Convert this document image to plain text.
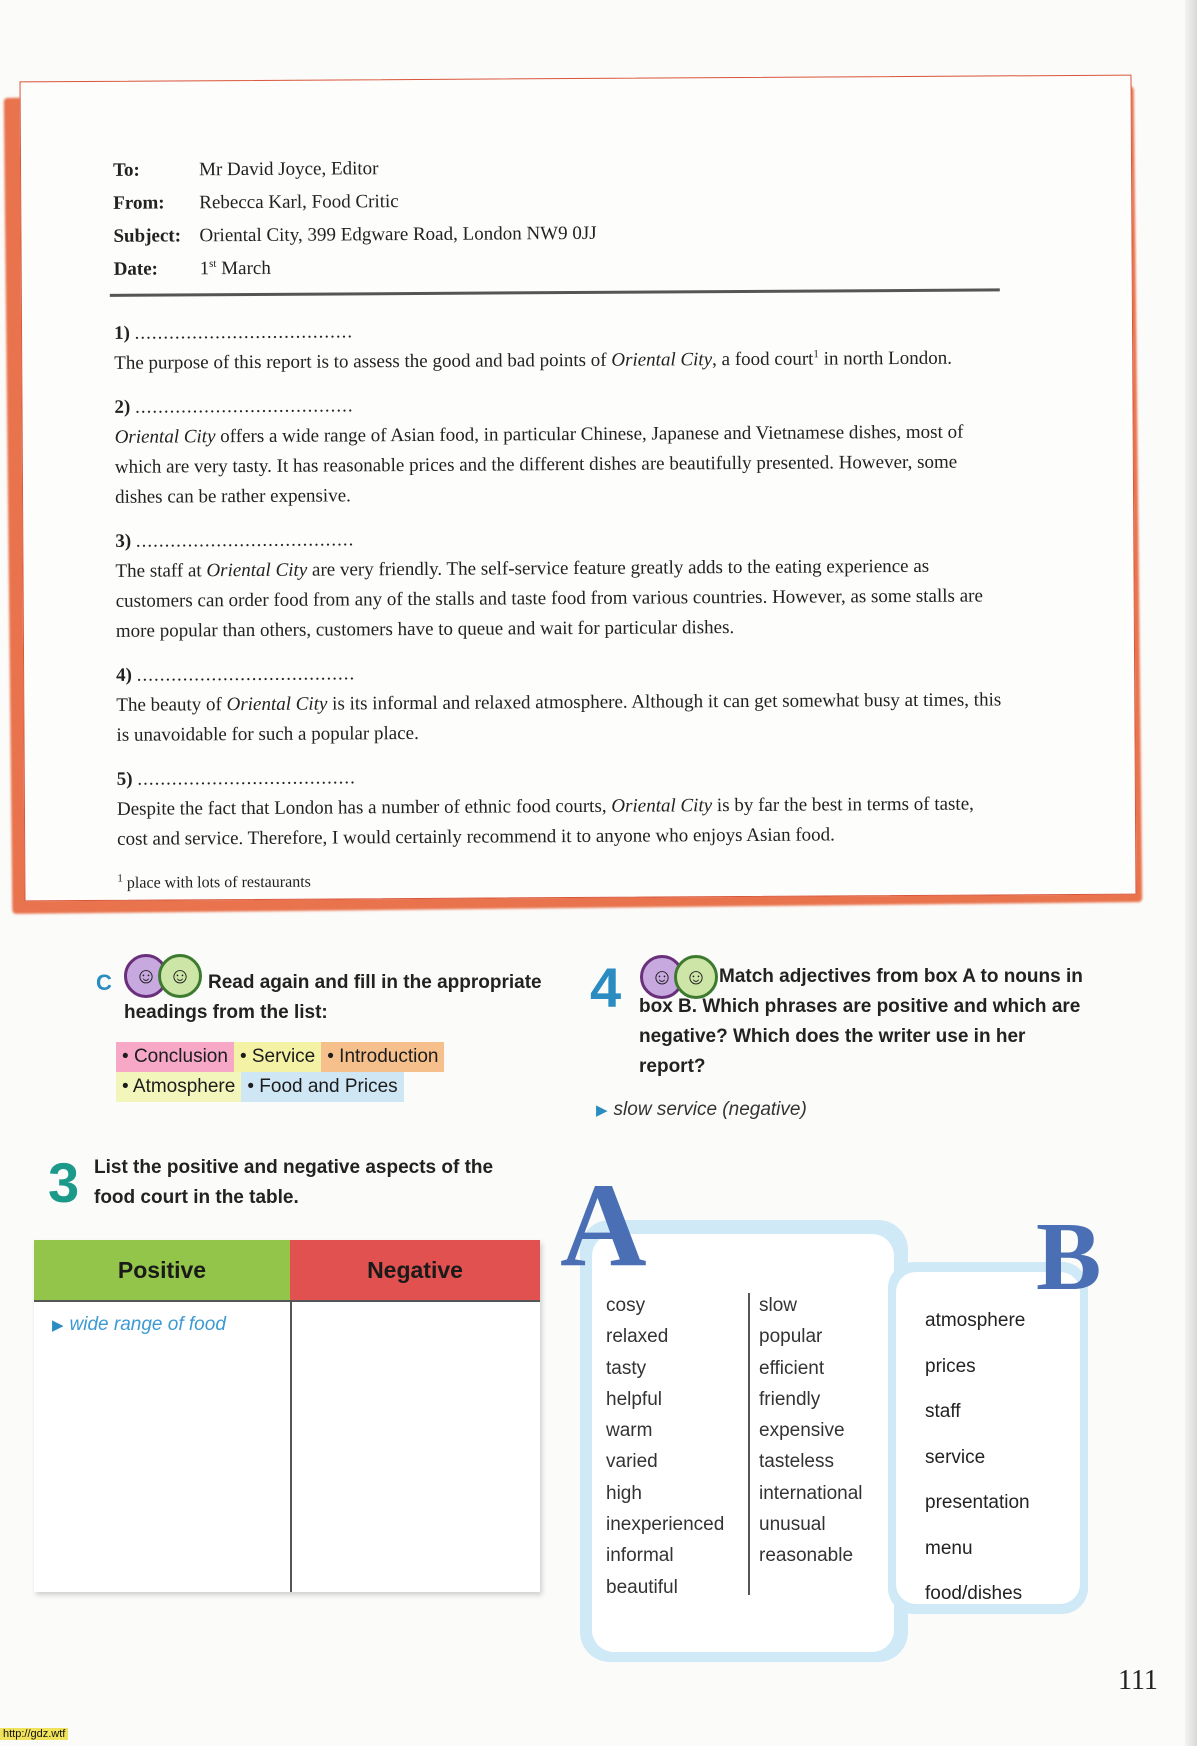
To:	Mr David Joyce, Editor
From:	Rebecca Karl, Food Critic
Subject: Oriental City, 399 Edgware Road, London NW9 0JJ
Date:	1st March
1) ......................................

The purpose of this report is to assess the good and bad points of Oriental City, a food court$^1$ in north London.

2) ......................................

Oriental City offers a wide range of Asian food, in particular Chinese, Japanese and Vietnamese dishes, most of which are very tasty. It has reasonable prices and the different dishes are beautifully presented. However, some dishes can be rather expensive.

3) ......................................

The staff at Oriental City are very friendly. The self-service feature greatly adds to the eating experience as customers can order food from any of the stalls and taste food from various countries. However, as some stalls are more popular than others, customers have to queue and wait for particular dishes.

4) ......................................

The beauty of Oriental City is its informal and relaxed atmosphere. Although it can get somewhat busy at times, this is unavoidable for such a popular place.

5) ......................................

Despite the fact that London has a number of ethnic food courts, Oriental City is by far the best in terms of taste, cost and service. Therefore, I would certainly recommend it to anyone who enjoys Asian food.

$^1$ place with lots of restaurants
C	☺ ☺ Read again and fill in the appropriate headings from the list:
• Conclusion • Service • Introduction
• Atmosphere • Food and Prices
3 List the positive and negative aspects of the food court in the table.
Positive	Negative
▶ wide range of food
4	☺ ☺ Match adjectives from box A to nouns in box B. Which phrases are positive and which are negative? Which does the writer use in her report?
▶ slow service (negative)
A
cosy
relaxed
tasty
helpful
warm
varied
high
inexperienced
informal
beautiful
slow
popular
efficient
friendly
expensive
tasteless
international
unusual
reasonable
B
atmosphere
prices
staff
service
presentation
menu
food/dishes
111
http://gdz.wtf
